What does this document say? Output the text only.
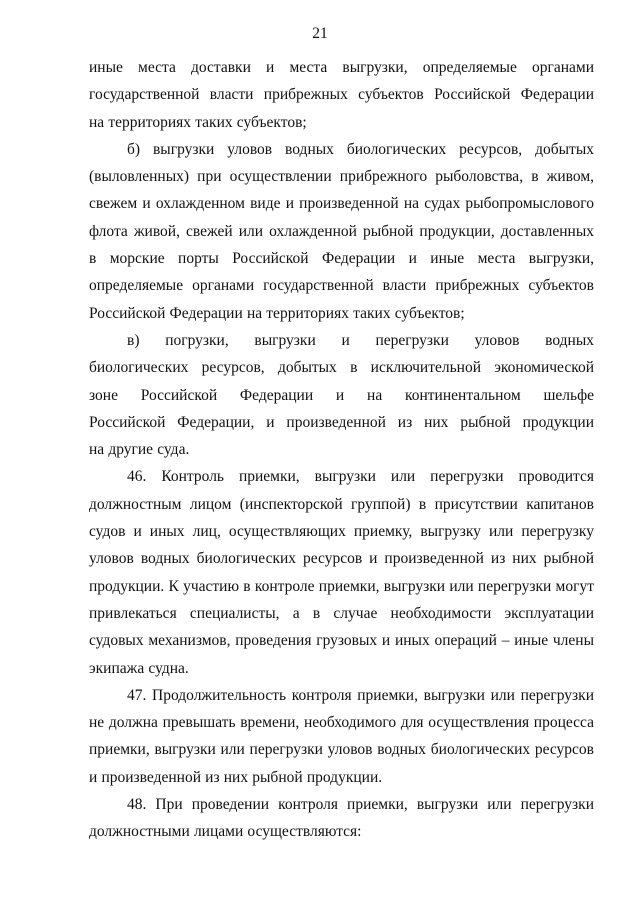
21

иные места доставки и места выгрузки, определяемые органами
государственной власти прибрежных субъектов Российской Федерации
на территориях таких субъектов;

б) выгрузки уловов водных биологических ресурсов, добытых
(выловленных) при осуществлении прибрежного рыболовства, в живом,
свежем и охлажденном виде и произведенной на судах рыбопромыслового
флота живой, свежей или охлажденной рыбной продукции, доставленных
в морские порты Российской Федерации и иные места выгрузки,
определяемые органами государственной власти прибрежных субъектов
Российской Федерации на территориях таких субъектов;

в) погрузки, выгрузки и перегрузки уловов водных
биологических ресурсов, добытых в исключительной экономической
зоне Российской Федерации и на континентальном шельфе
Российской Федерации, и произведенной из них рыбной продукции
на другие суда.

46. Контроль приемки, выгрузки или перегрузки проводится
должностным лицом (инспекторской группой) в присутствии капитанов
судов и иных лиц, осуществляющих приемку, выгрузку или перегрузку
уловов водных биологических ресурсов и произведенной из них рыбной
продукции. К участию в контроле приемки, выгрузки или перегрузки могут
привлекаться специалисты, а в случае необходимости эксплуатации
судовых механизмов, проведения грузовых и иных операций – иные члены
экипажа судна.

47. Продолжительность контроля приемки, выгрузки или перегрузки
не должна превышать времени, необходимого для осуществления процесса
приемки, выгрузки или перегрузки уловов водных биологических ресурсов
и произведенной из них рыбной продукции.

48. При проведении контроля приемки, выгрузки или перегрузки
должностными лицами осуществляются:
